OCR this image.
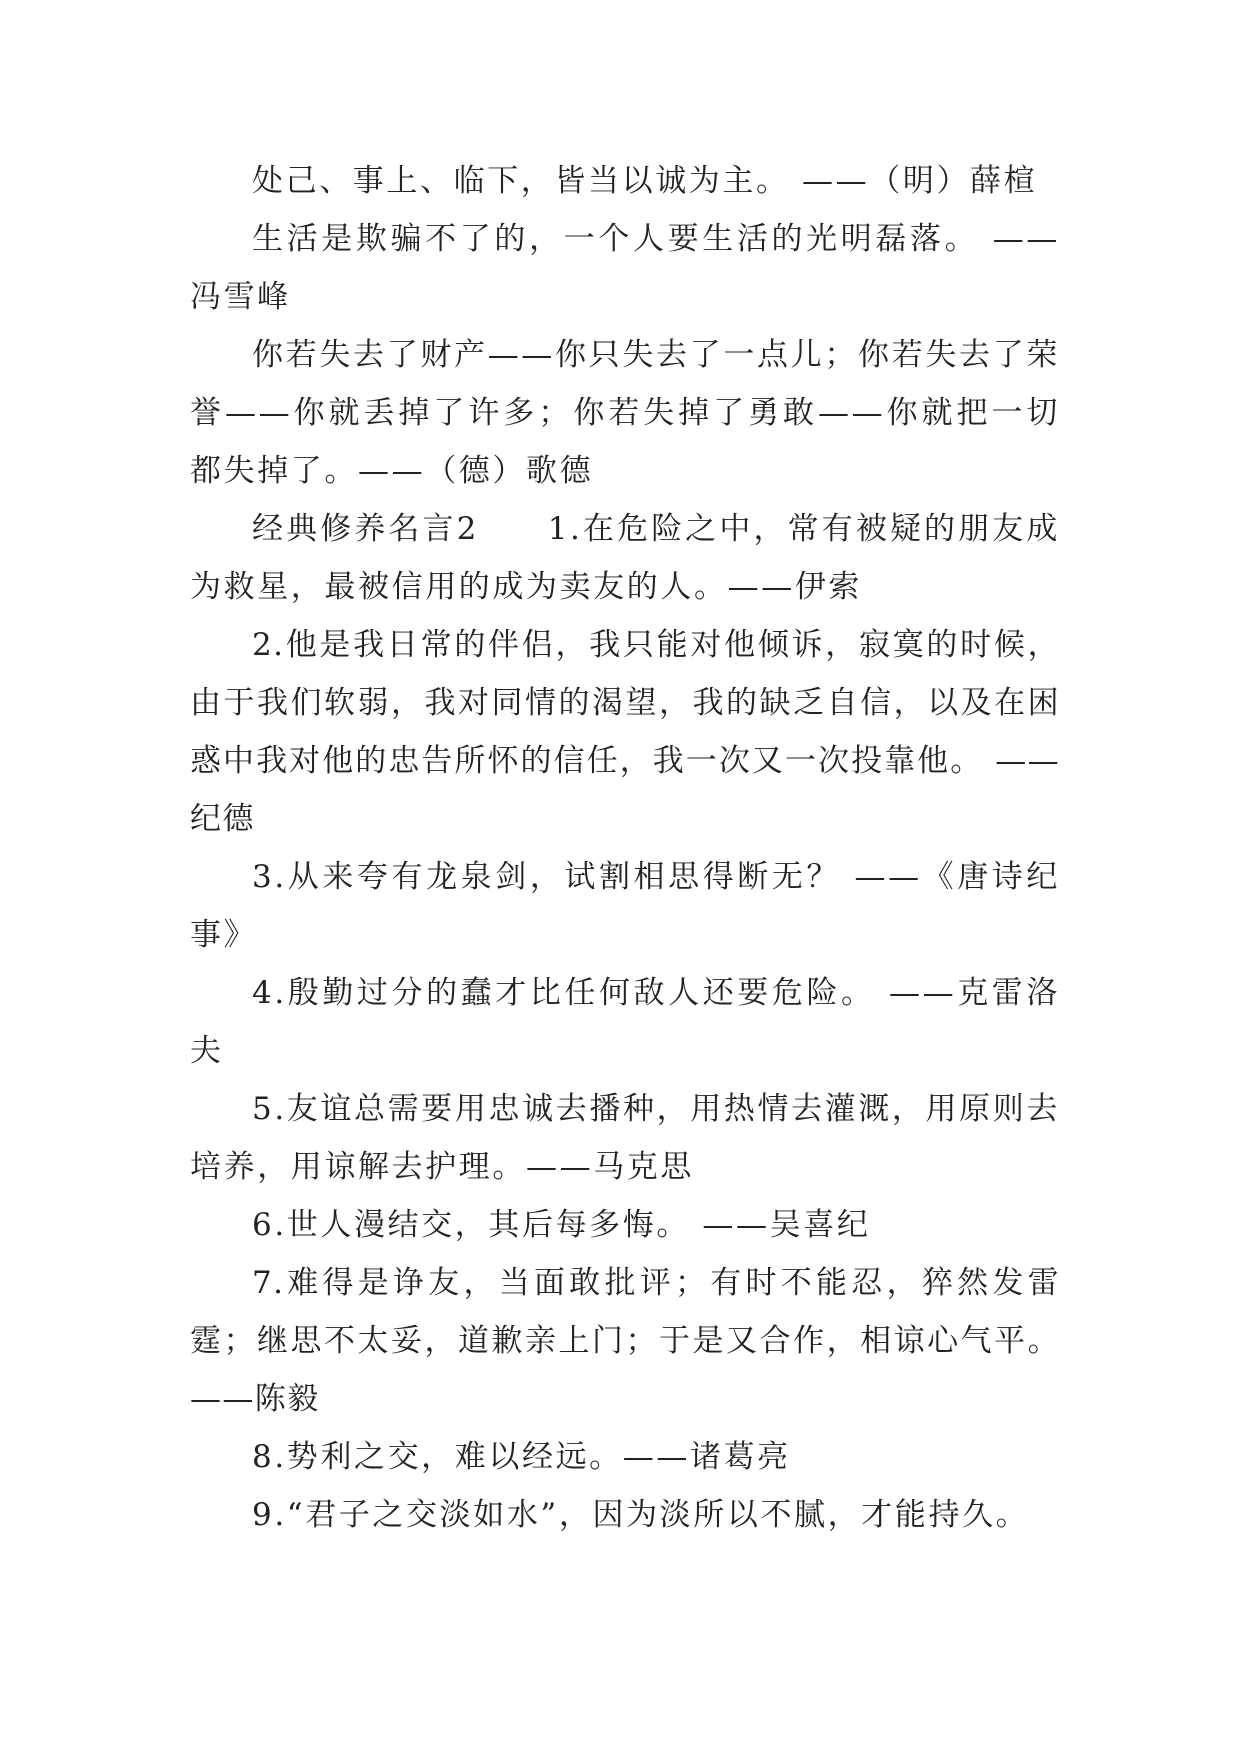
处己、事上、临下，皆当以诚为主。 ——（明）薛楦

生活是欺骗不了的，一个人要生活的光明磊落。 ——冯雪峰

你若失去了财产——你只失去了一点儿；你若失去了荣誉——你就丢掉了许多；你若失掉了勇敢——你就把一切都失掉了。——（德）歌德

经典修养名言2　　1.在危险之中，常有被疑的朋友成为救星，最被信用的成为卖友的人。——伊索

2.他是我日常的伴侣，我只能对他倾诉，寂寞的时候，由于我们软弱，我对同情的渴望，我的缺乏自信，以及在困惑中我对他的忠告所怀的信任，我一次又一次投靠他。 ——纪德

3.从来夸有龙泉剑，试割相思得断无？ ——《唐诗纪事》

4.殷勤过分的蠢才比任何敌人还要危险。 ——克雷洛夫

5.友谊总需要用忠诚去播种，用热情去灌溉，用原则去培养，用谅解去护理。——马克思

6.世人漫结交，其后每多悔。 ——吴喜纪

7.难得是诤友，当面敢批评；有时不能忍，猝然发雷霆；继思不太妥，道歉亲上门；于是又合作，相谅心气平。 ——陈毅

8.势利之交，难以经远。——诸葛亮

9.“君子之交淡如水”，因为淡所以不腻，才能持久。
